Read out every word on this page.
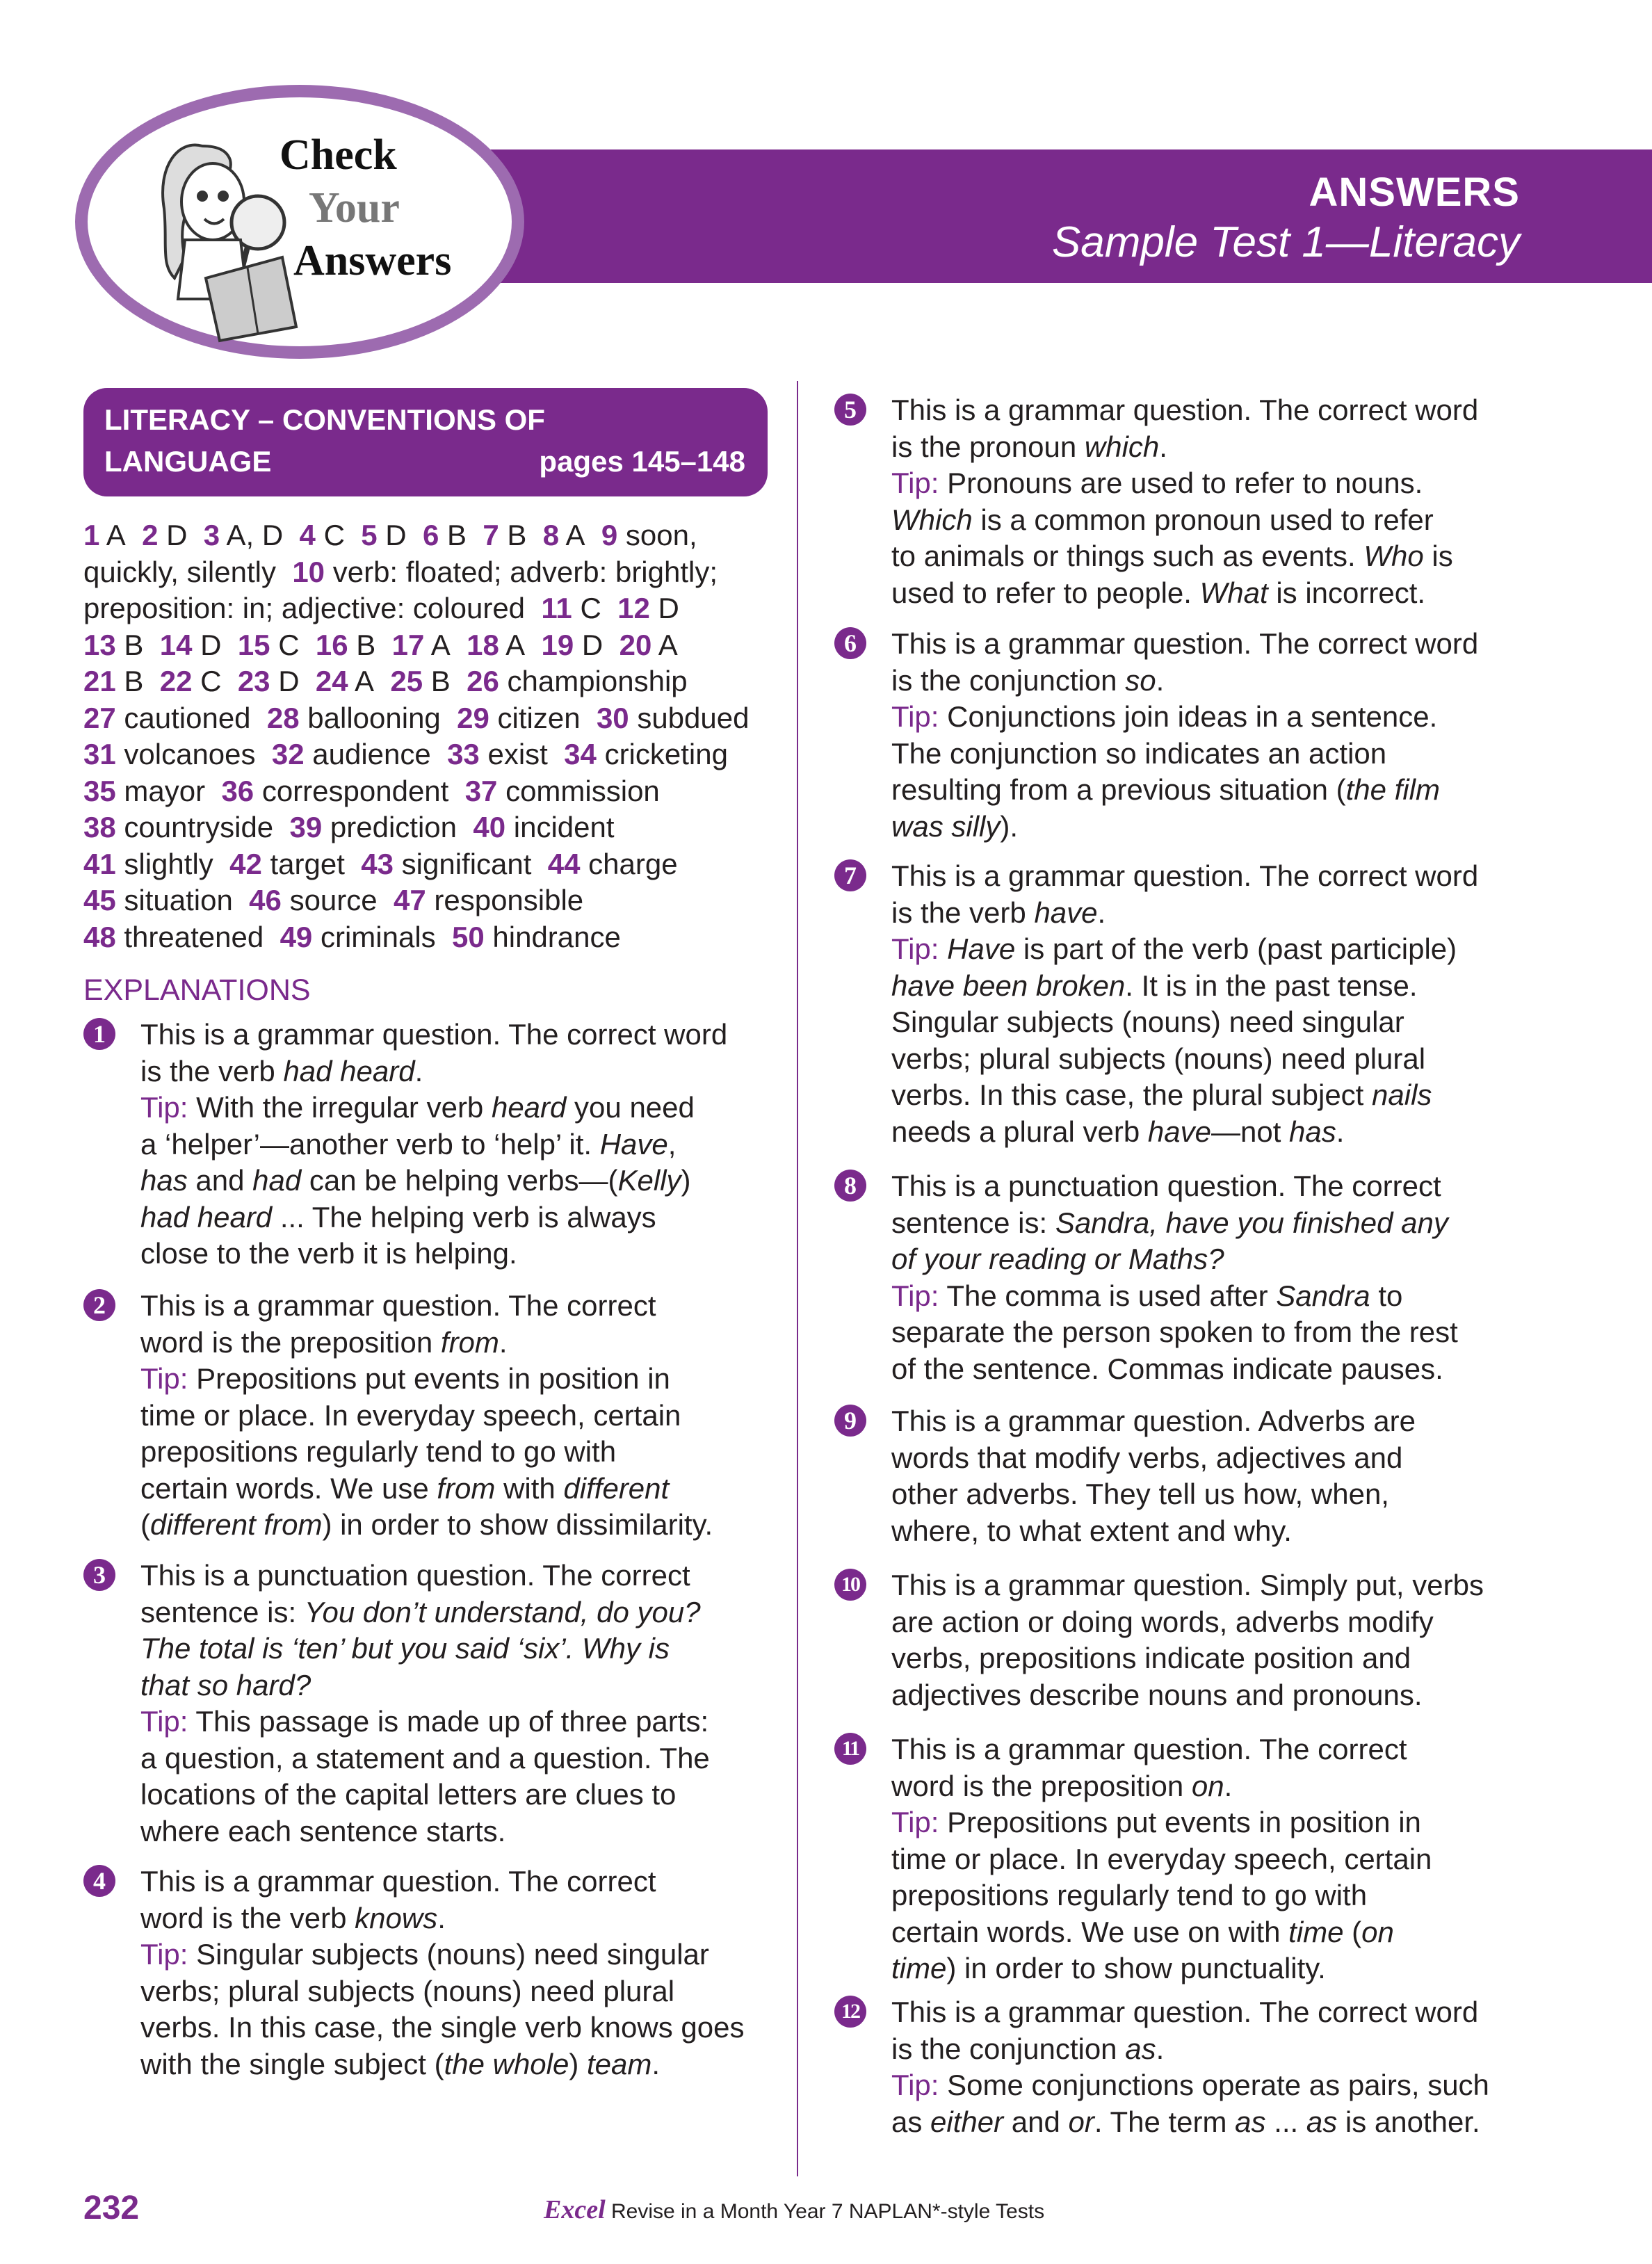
ANSWERS
Sample Test 1—Literacy
Check
Your
Answers
LITERACY – CONVENTIONS OF
LANGUAGE	pages 145–148
1 A 2 D 3 A, D 4 C 5 D 6 B 7 B 8 A 9 soon,
quickly, silently 10 verb: floated; adverb: brightly;
preposition: in; adjective: coloured 11 C 12 D
13 B 14 D 15 C 16 B 17 A 18 A 19 D 20 A
21 B 22 C 23 D 24 A 25 B 26 championship
27 cautioned 28 ballooning 29 citizen 30 subdued
31 volcanoes 32 audience 33 exist 34 cricketing
35 mayor 36 correspondent 37 commission
38 countryside 39 prediction 40 incident
41 slightly 42 target 43 significant 44 charge
45 situation 46 source 47 responsible
48 threatened 49 criminals 50 hindrance
EXPLANATIONS
1	This is a grammar question. The correct word
is the verb had heard.
Tip: With the irregular verb heard you need
a ‘helper’—another verb to ‘help’ it. Have,
has and had can be helping verbs—(Kelly)
had heard ... The helping verb is always
close to the verb it is helping.
2	This is a grammar question. The correct
word is the preposition from.
Tip: Prepositions put events in position in
time or place. In everyday speech, certain
prepositions regularly tend to go with
certain words. We use from with different
(different from) in order to show dissimilarity.
3	This is a punctuation question. The correct
sentence is: You don’t understand, do you?
The total is ‘ten’ but you said ‘six’. Why is
that so hard?
Tip: This passage is made up of three parts:
a question, a statement and a question. The
locations of the capital letters are clues to
where each sentence starts.
4	This is a grammar question. The correct
word is the verb knows.
Tip: Singular subjects (nouns) need singular
verbs; plural subjects (nouns) need plural
verbs. In this case, the single verb knows goes
with the single subject (the whole) team.
5	This is a grammar question. The correct word
is the pronoun which.
Tip: Pronouns are used to refer to nouns.
Which is a common pronoun used to refer
to animals or things such as events. Who is
used to refer to people. What is incorrect.
6	This is a grammar question. The correct word
is the conjunction so.
Tip: Conjunctions join ideas in a sentence.
The conjunction so indicates an action
resulting from a previous situation (the film
was silly).
7	This is a grammar question. The correct word
is the verb have.
Tip: Have is part of the verb (past participle)
have been broken. It is in the past tense.
Singular subjects (nouns) need singular
verbs; plural subjects (nouns) need plural
verbs. In this case, the plural subject nails
needs a plural verb have—not has.
8	This is a punctuation question. The correct
sentence is: Sandra, have you finished any
of your reading or Maths?
Tip: The comma is used after Sandra to
separate the person spoken to from the rest
of the sentence. Commas indicate pauses.
9	This is a grammar question. Adverbs are
words that modify verbs, adjectives and
other adverbs. They tell us how, when,
where, to what extent and why.
10 This is a grammar question. Simply put, verbs
are action or doing words, adverbs modify
verbs, prepositions indicate position and
adjectives describe nouns and pronouns.
11 This is a grammar question. The correct
word is the preposition on.
Tip: Prepositions put events in position in
time or place. In everyday speech, certain
prepositions regularly tend to go with
certain words. We use on with time (on
time) in order to show punctuality.
12 This is a grammar question. The correct word
is the conjunction as.
Tip: Some conjunctions operate as pairs, such
as either and or. The term as ... as is another.
232	Excel Revise in a Month Year 7 NAPLAN*-style Tests
